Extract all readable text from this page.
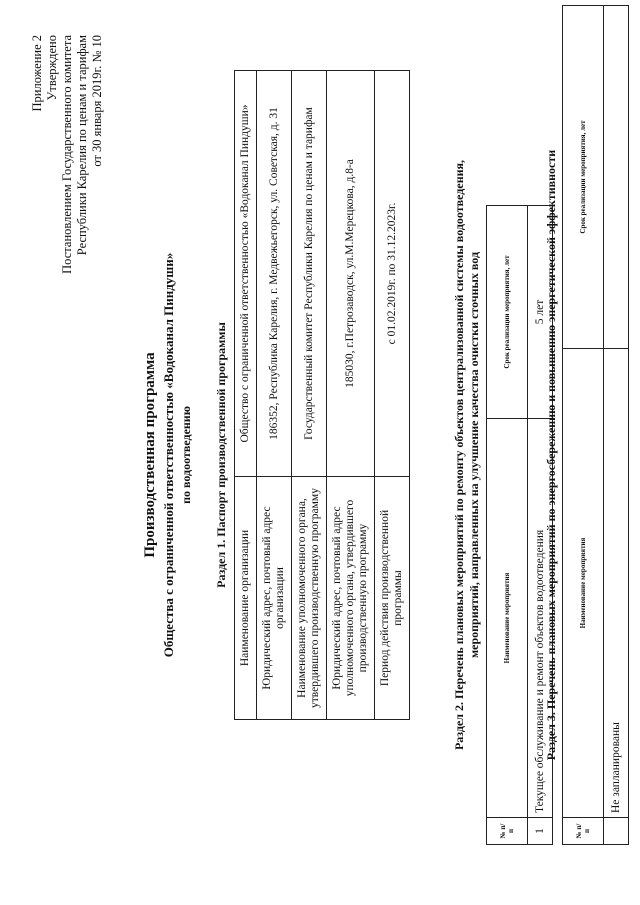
Приложение 2 Утверждено Постановлением Государственного комитета Республики Карелия по ценам и тарифам от 30 января 2019г. № 10
Производственная программа Общества с ограниченной ответственностью «Водоканал Пиндуши» по водоотведению Раздел 1. Паспорт производственной программы
Наименование организации	Общество с ограниченной ответственностью «Водоканал Пиндуши»
Юридический адрес, почтовый адрес организации	186352, Республика Карелия, г. Медвежьегорск, ул. Советская, д. 31
Наименование уполномоченного органа, утвердившего производственную программу	Государственный комитет Республики Карелия по ценам и тарифам
Юридический адрес, почтовый адрес уполномоченного органа, утвердившего производственную программу	185030, г.Петрозаводск, ул.М.Мерецкова, д.8-а
Период действия производственной программы	с 01.02.2019г. по 31.12.2023г.	Раздел 2. Перечень плановых мероприятий по ремонту объектов централизованной системы водоотведения, мероприятий, направленных на улучшение качества очистки сточных вод
№ п/п	Наименование мероприятия	Срок реализации мероприятия, лет
1	Текущее обслуживание и ремонт объектов водоотведения	5 лет
Раздел 3. Перечень плановых мероприятий по энергосбережению и повышению энергетической эффективности
№ п/п	Наименование мероприятия	Срок реализации мероприятия, лет
	Не запланированы	
